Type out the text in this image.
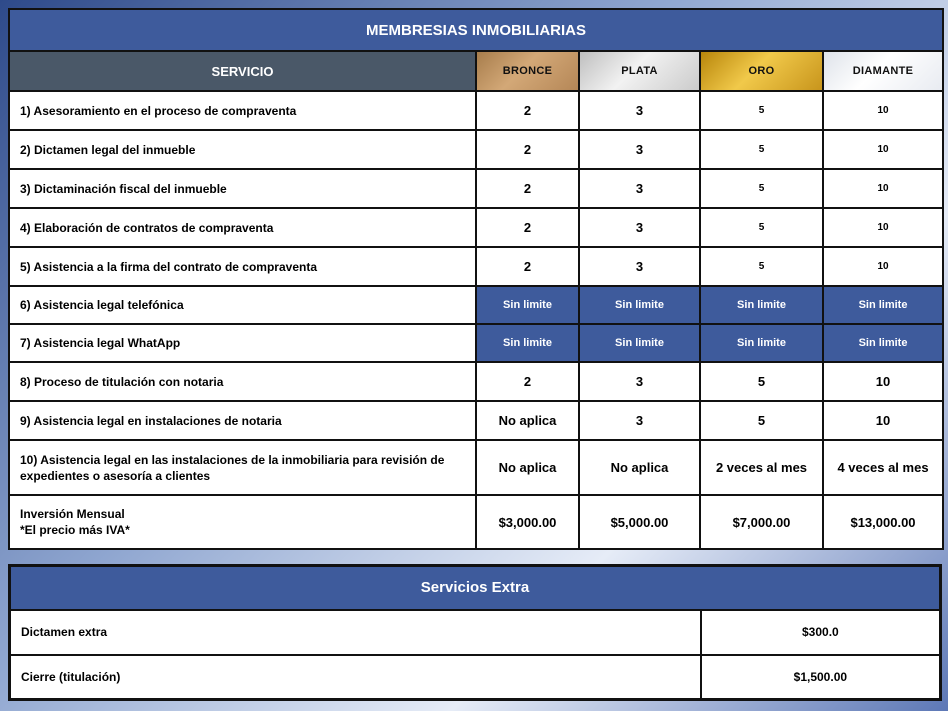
MEMBRESIAS INMOBILIARIAS				
SERVICIO	BRONCE	PLATA	ORO	DIAMANTE
1) Asesoramiento en el proceso de compraventa	2	3	5	10
2) Dictamen legal del inmueble	2	3	5	10
3) Dictaminación fiscal del inmueble	2	3	5	10
4) Elaboración de contratos de compraventa	2	3	5	10
5) Asistencia a la firma del contrato de compraventa	2	3	5	10
6) Asistencia legal telefónica	Sin limite	Sin limite	Sin limite	Sin limite
7) Asistencia legal WhatApp	Sin limite	Sin limite	Sin limite	Sin limite
8) Proceso de titulación con notaria	2	3	5	10
9) Asistencia legal en instalaciones de notaria	No aplica	3	5	10
10) Asistencia legal en las instalaciones de la inmobiliaria para revisión de expedientes o asesoría a clientes	No aplica	No aplica	2 veces al mes	4 veces al mes
Inversión Mensual
*El precio más IVA*	$3,000.00	$5,000.00	$7,000.00	$13,000.00
Servicios Extra	
Dictamen extra	$300.0
Cierre (titulación)	$1,500.00
